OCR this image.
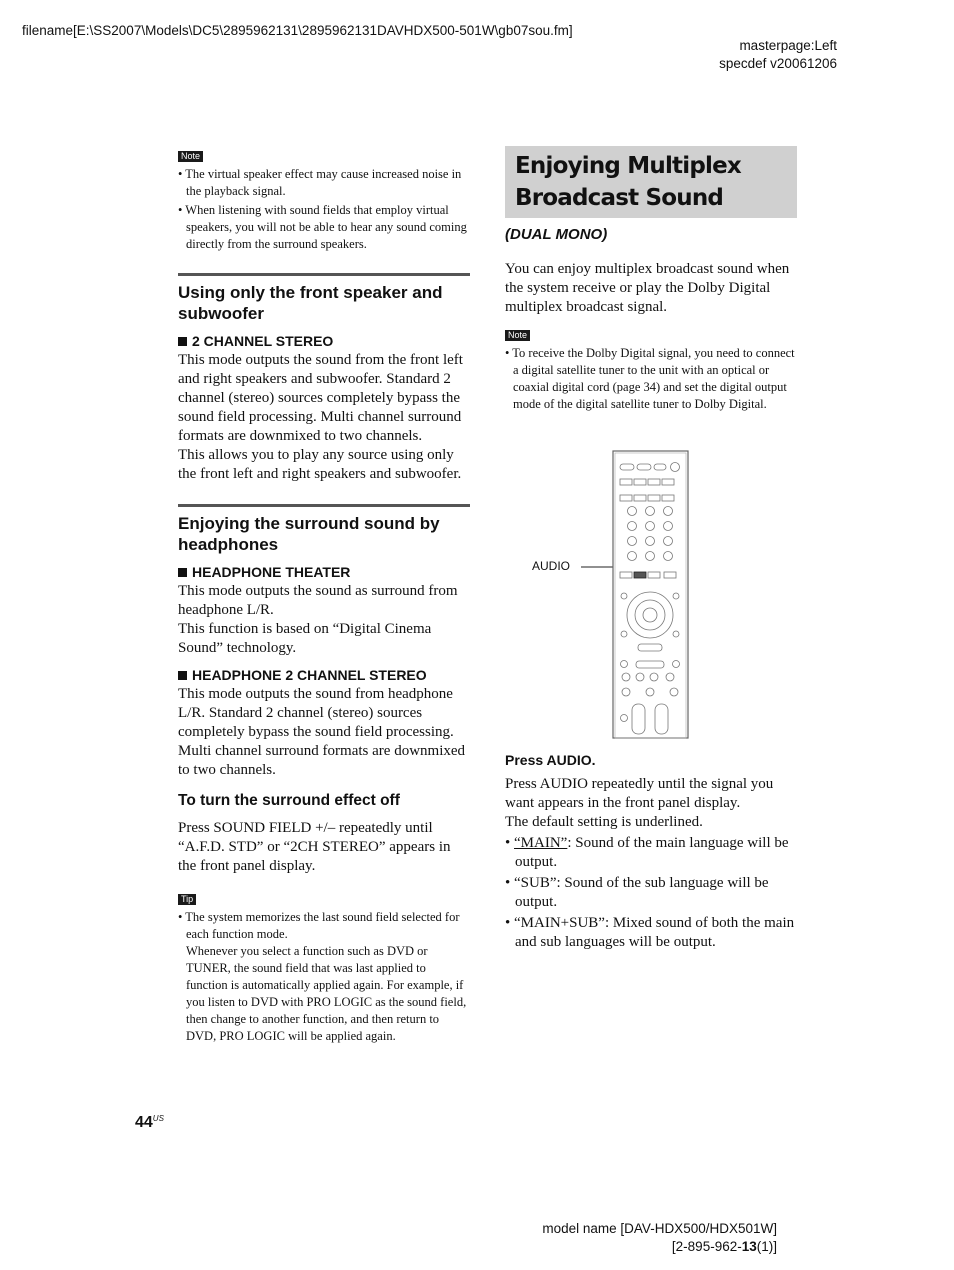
filename[E:\SS2007\Models\DC5\2895962131\2895962131DAVHDX500-501W\gb07sou.fm]
masterpage:Left
specdef v20061206
Note
• The virtual speaker effect may cause increased noise in the playback signal.
• When listening with sound fields that employ virtual speakers, you will not be able to hear any sound coming directly from the surround speakers.
Using only the front speaker and subwoofer
2 CHANNEL STEREO

This mode outputs the sound from the front left and right speakers and subwoofer. Standard 2 channel (stereo) sources completely bypass the sound field processing. Multi channel surround formats are downmixed to two channels.

This allows you to play any source using only the front left and right speakers and subwoofer.

Enjoying the surround sound by headphones
HEADPHONE THEATER

This mode outputs the sound as surround from headphone L/R.

This function is based on “Digital Cinema Sound” technology.

HEADPHONE 2 CHANNEL STEREO

This mode outputs the sound from headphone L/R. Standard 2 channel (stereo) sources completely bypass the sound field processing. Multi channel surround formats are downmixed to two channels.

To turn the surround effect off

Press SOUND FIELD +/– repeatedly until “A.F.D. STD” or “2CH STEREO” appears in the front panel display.

Tip
• The system memorizes the last sound field selected for each function mode.
Whenever you select a function such as DVD or TUNER, the sound field that was last applied to function is automatically applied again. For example, if you listen to DVD with PRO LOGIC as the sound field, then change to another function, and then return to DVD, PRO LOGIC will be applied again.
Enjoying Multiplex
Broadcast Sound
(DUAL MONO)

You can enjoy multiplex broadcast sound when the system receive or play the Dolby Digital multiplex broadcast signal.

Note
• To receive the Dolby Digital signal, you need to connect a digital satellite tuner to the unit with an optical or coaxial digital cord (page 34) and set the digital output mode of the digital satellite tuner to Dolby Digital.
AUDIO
Press AUDIO.

Press AUDIO repeatedly until the signal you want appears in the front panel display.

The default setting is underlined.

• “MAIN”: Sound of the main language will be output.
• “SUB”: Sound of the sub language will be output.
• “MAIN+SUB”: Mixed sound of both the main and sub languages will be output.
$44^{US}$
model name [DAV-HDX500/HDX501W]
[2-895-962-13(1)]
